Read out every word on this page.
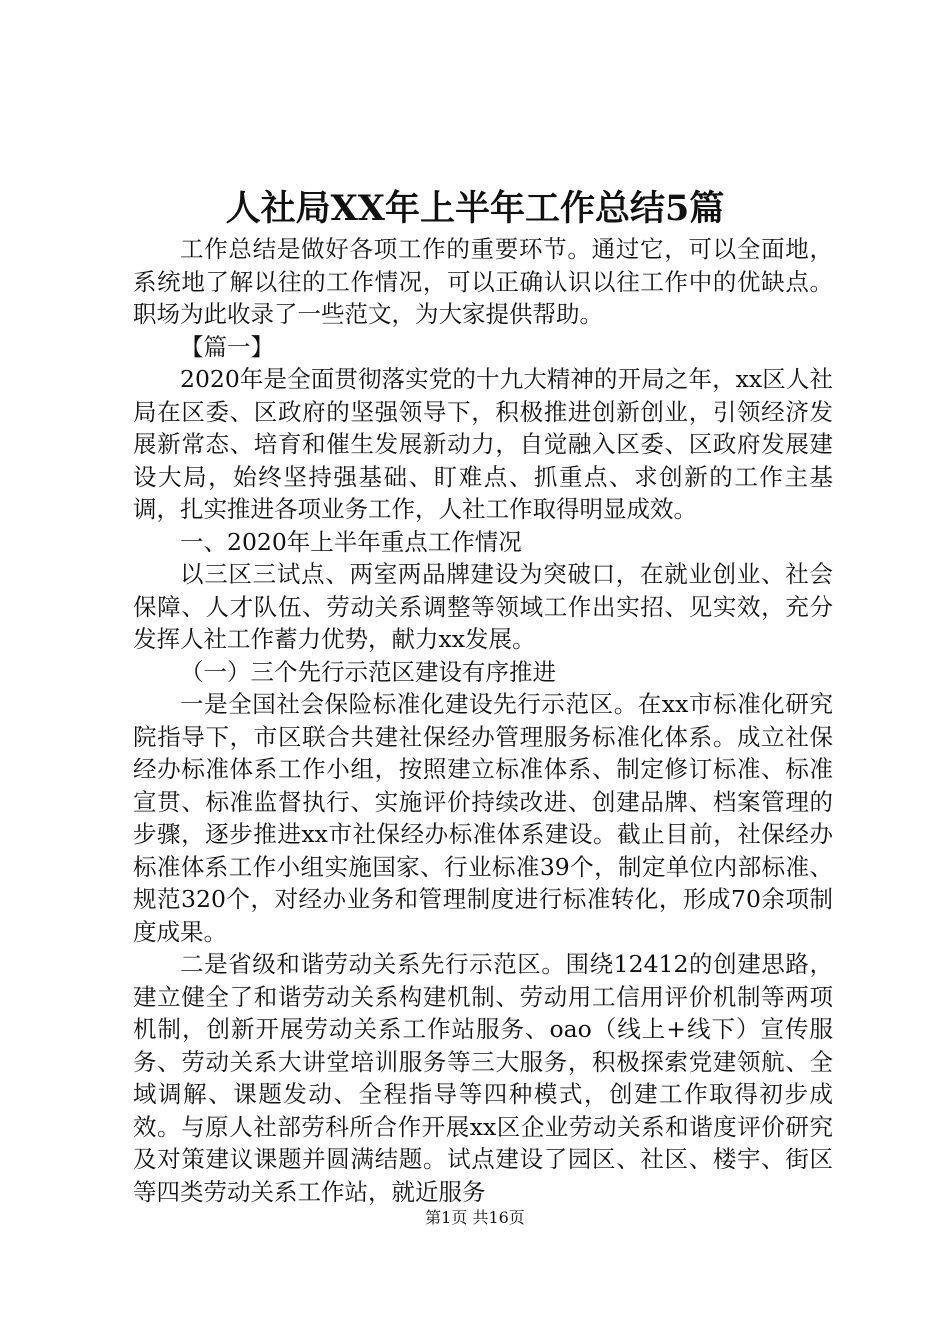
人社局XX年上半年工作总结5篇

工作总结是做好各项工作的重要环节。通过它，可以全面地，系统地了解以往的工作情况，可以正确认识以往工作中的优缺点。职场为此收录了一些范文，为大家提供帮助。

【篇一】

2020年是全面贯彻落实党的十九大精神的开局之年，xx区人社局在区委、区政府的坚强领导下，积极推进创新创业，引领经济发展新常态、培育和催生发展新动力，自觉融入区委、区政府发展建设大局，始终坚持强基础、盯难点、抓重点、求创新的工作主基调，扎实推进各项业务工作，人社工作取得明显成效。

一、2020年上半年重点工作情况

以三区三试点、两室两品牌建设为突破口，在就业创业、社会保障、人才队伍、劳动关系调整等领域工作出实招、见实效，充分发挥人社工作蓄力优势，献力xx发展。

（一）三个先行示范区建设有序推进

一是全国社会保险标准化建设先行示范区。在xx市标准化研究院指导下，市区联合共建社保经办管理服务标准化体系。成立社保经办标准体系工作小组，按照建立标准体系、制定修订标准、标准宣贯、标准监督执行、实施评价持续改进、创建品牌、档案管理的步骤，逐步推进xx市社保经办标准体系建设。截止目前，社保经办标准体系工作小组实施国家、行业标准39个，制定单位内部标准、规范320个，对经办业务和管理制度进行标准转化，形成70余项制度成果。

二是省级和谐劳动关系先行示范区。围绕12412的创建思路，建立健全了和谐劳动关系构建机制、劳动用工信用评价机制等两项机制，创新开展劳动关系工作站服务、oao（线上+线下）宣传服务、劳动关系大讲堂培训服务等三大服务，积极探索党建领航、全域调解、课题发动、全程指导等四种模式，创建工作取得初步成效。与原人社部劳科所合作开展xx区企业劳动关系和谐度评价研究及对策建议课题并圆满结题。试点建设了园区、社区、楼宇、街区等四类劳动关系工作站，就近服务

第1页 共16页
